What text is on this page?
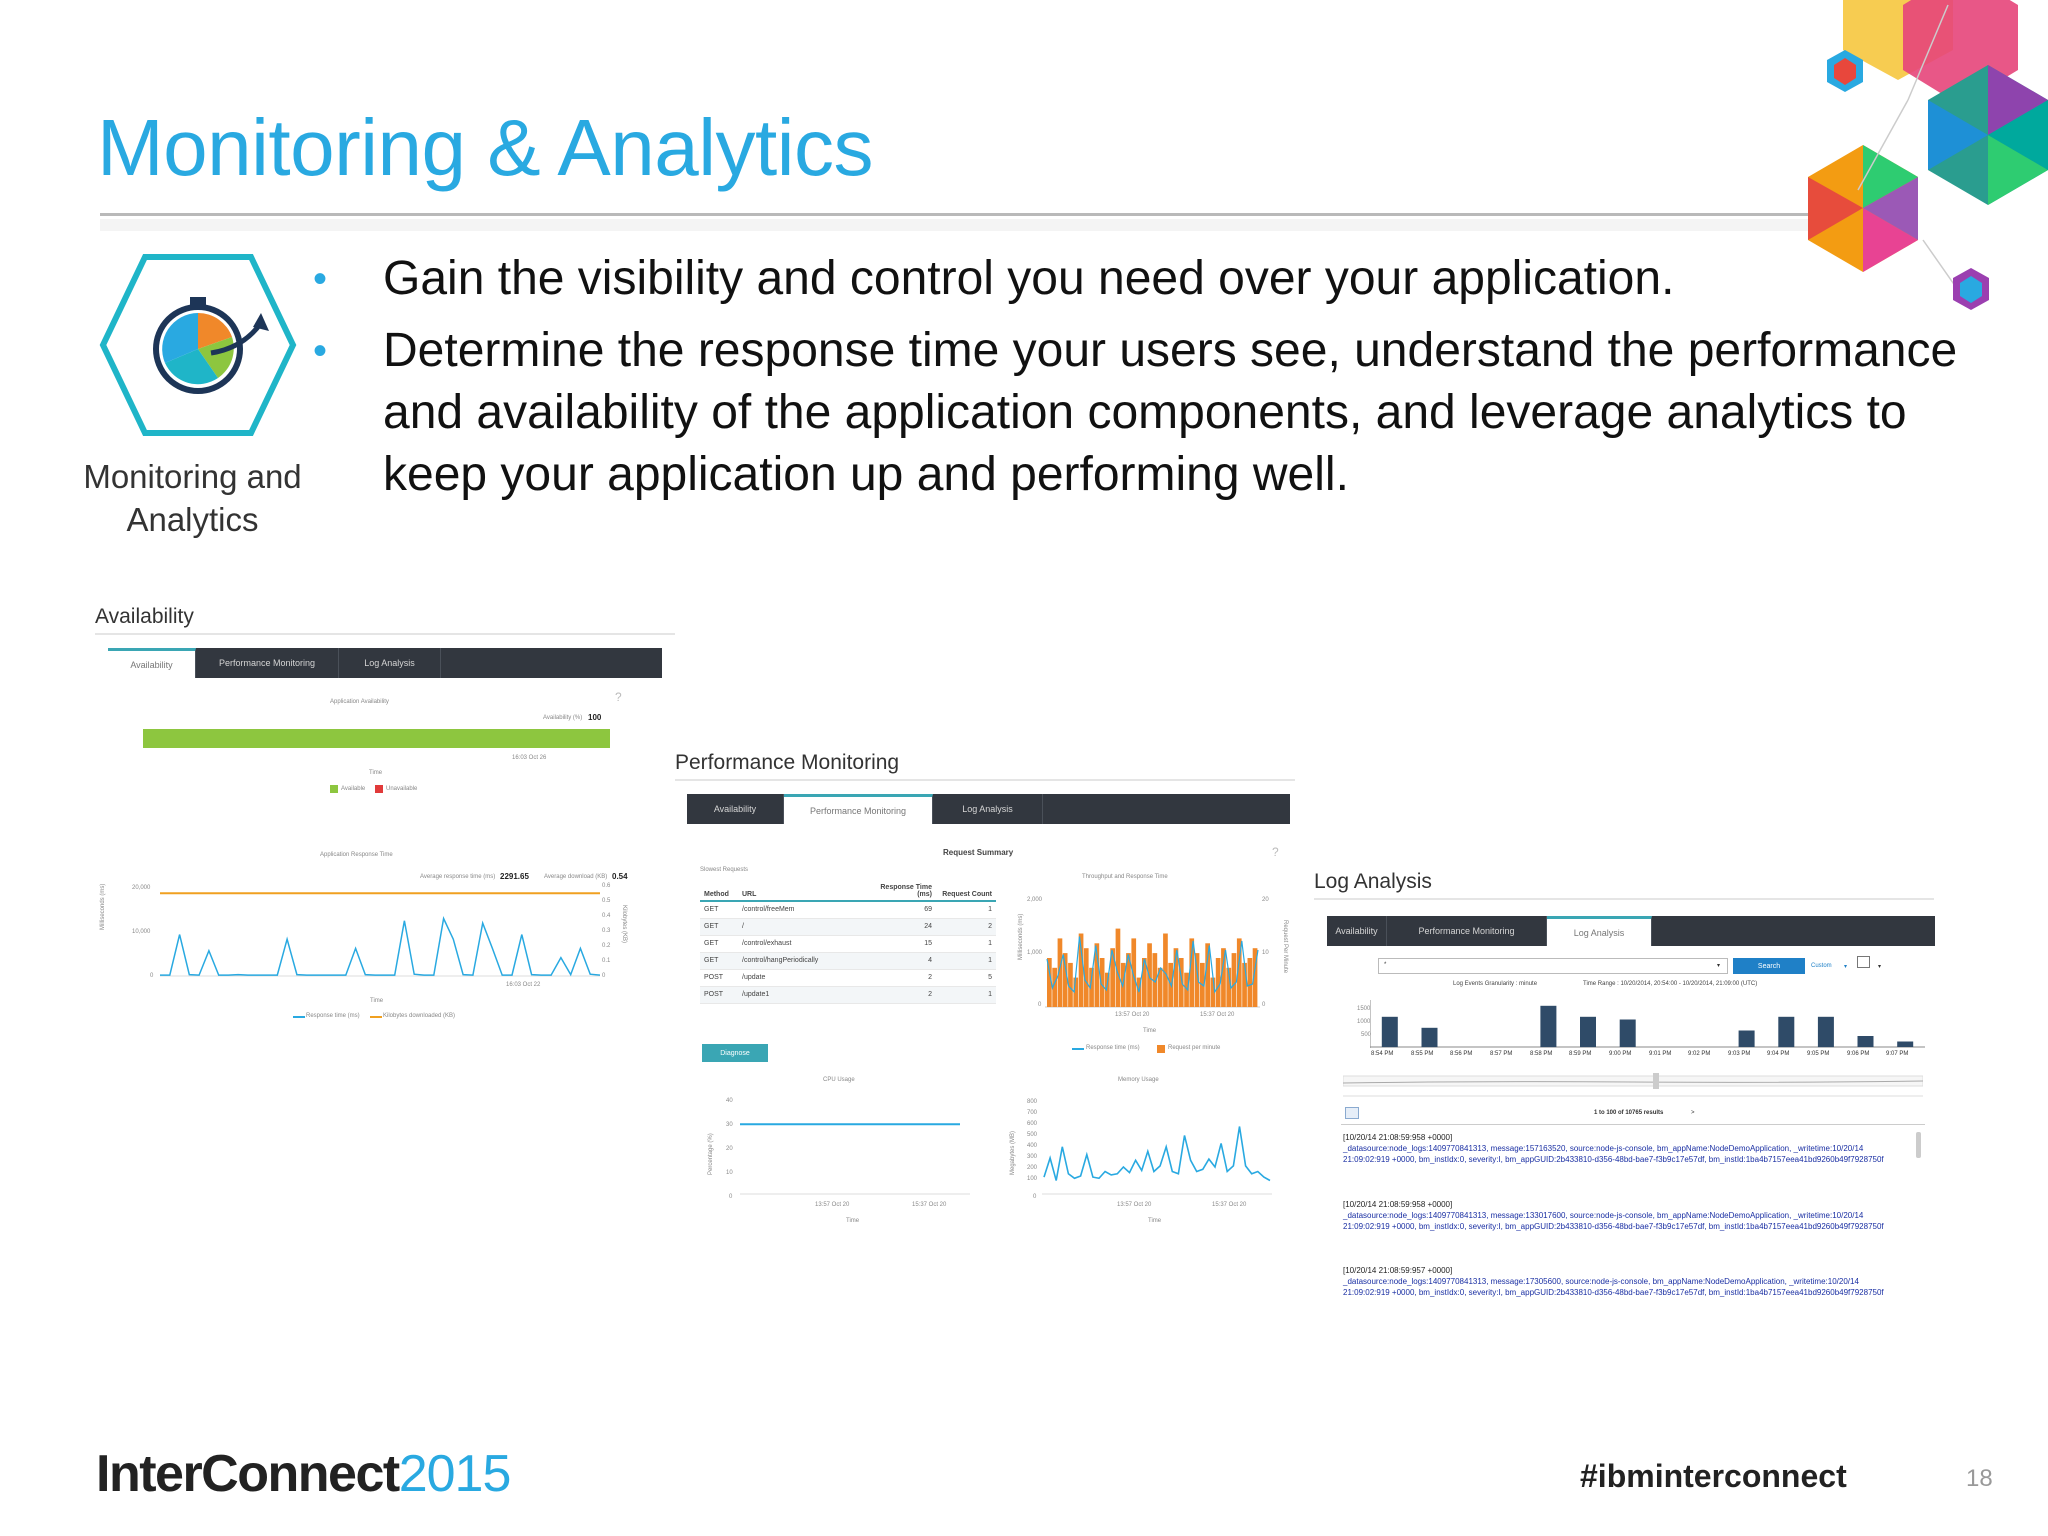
Monitoring & Analytics
Monitoring and Analytics
• Gain the visibility and control you need over your application.
• Determine the response time your users see, understand the performance and availability of the application components, and leverage analytics to keep your application up and performing well.
Availability
Availability	Performance Monitoring	Log Analysis
?
Application Availability
Availability (%) 100
16:03 Oct 26
Time
Available	Unavailable
Application Response Time
Average response time (ms) 2291.65	Average download (KB) 0.54
Milliseconds (ms)	Kilobytes (KB)
20,000
10,000
0
0.6
0.5
0.4
0.3
0.2
0.1
0
16:03 Oct 22
Time
Response time (ms)	Kilobytes downloaded (KB)
Performance Monitoring
Availability	Performance Monitoring	Log Analysis
Request Summary	?
Slowest Requests
Method	URL	Response Time (ms)	Request Count
GET	/control/freeMem	69	1
GET	/	24	2
GET	/control/exhaust	15	1
GET	/control/hangPeriodically	4	1
POST	/update	2	5
POST	/update1	2	1
Diagnose
Throughput and Response Time
Milliseconds (ms)	Request Per Minute
2,000
1,000
0
20
10
0
13:57 Oct 20	15:37 Oct 20
Time
Response time (ms)	Request per minute
CPU Usage
Percentage (%)
40
30
20
10
0
13:57 Oct 20	15:37 Oct 20
Time
Memory Usage
Megabytes (MB)
800
700
600
500
400
300
200
100
0
13:57 Oct 20	15:37 Oct 20
Time
Log Analysis
Availability	Performance Monitoring	Log Analysis
*	▾	Search	Custom ▾	▾
Log Events Granularity : minute	Time Range : 10/20/2014, 20:54:00 - 10/20/2014, 21:09:00 (UTC)
1500
1000
500
8:54 PM	8:55 PM	8:56 PM	8:57 PM	8:58 PM	8:59 PM	9:00 PM	9:01 PM	9:02 PM	9:03 PM	9:04 PM	9:05 PM	9:06 PM	9:07 PM
1 to 100 of 10765 results	>
[10/20/14 21:08:59:958 +0000]
_datasource:node_logs:1409770841313, message:157163520, source:node-js-console, bm_appName:NodeDemoApplication, _writetime:10/20/14 21:09:02:919 +0000, bm_instIdx:0, severity:I, bm_appGUID:2b433810-d356-48bd-bae7-f3b9c17e57df, bm_instId:1ba4b7157eea41bd9260b49f7928750f
[10/20/14 21:08:59:958 +0000]
_datasource:node_logs:1409770841313, message:133017600, source:node-js-console, bm_appName:NodeDemoApplication, _writetime:10/20/14 21:09:02:919 +0000, bm_instIdx:0, severity:I, bm_appGUID:2b433810-d356-48bd-bae7-f3b9c17e57df, bm_instId:1ba4b7157eea41bd9260b49f7928750f
[10/20/14 21:08:59:957 +0000]
_datasource:node_logs:1409770841313, message:17305600, source:node-js-console, bm_appName:NodeDemoApplication, _writetime:10/20/14 21:09:02:919 +0000, bm_instIdx:0, severity:I, bm_appGUID:2b433810-d356-48bd-bae7-f3b9c17e57df, bm_instId:1ba4b7157eea41bd9260b49f7928750f
InterConnect2015	#ibminterconnect	18
